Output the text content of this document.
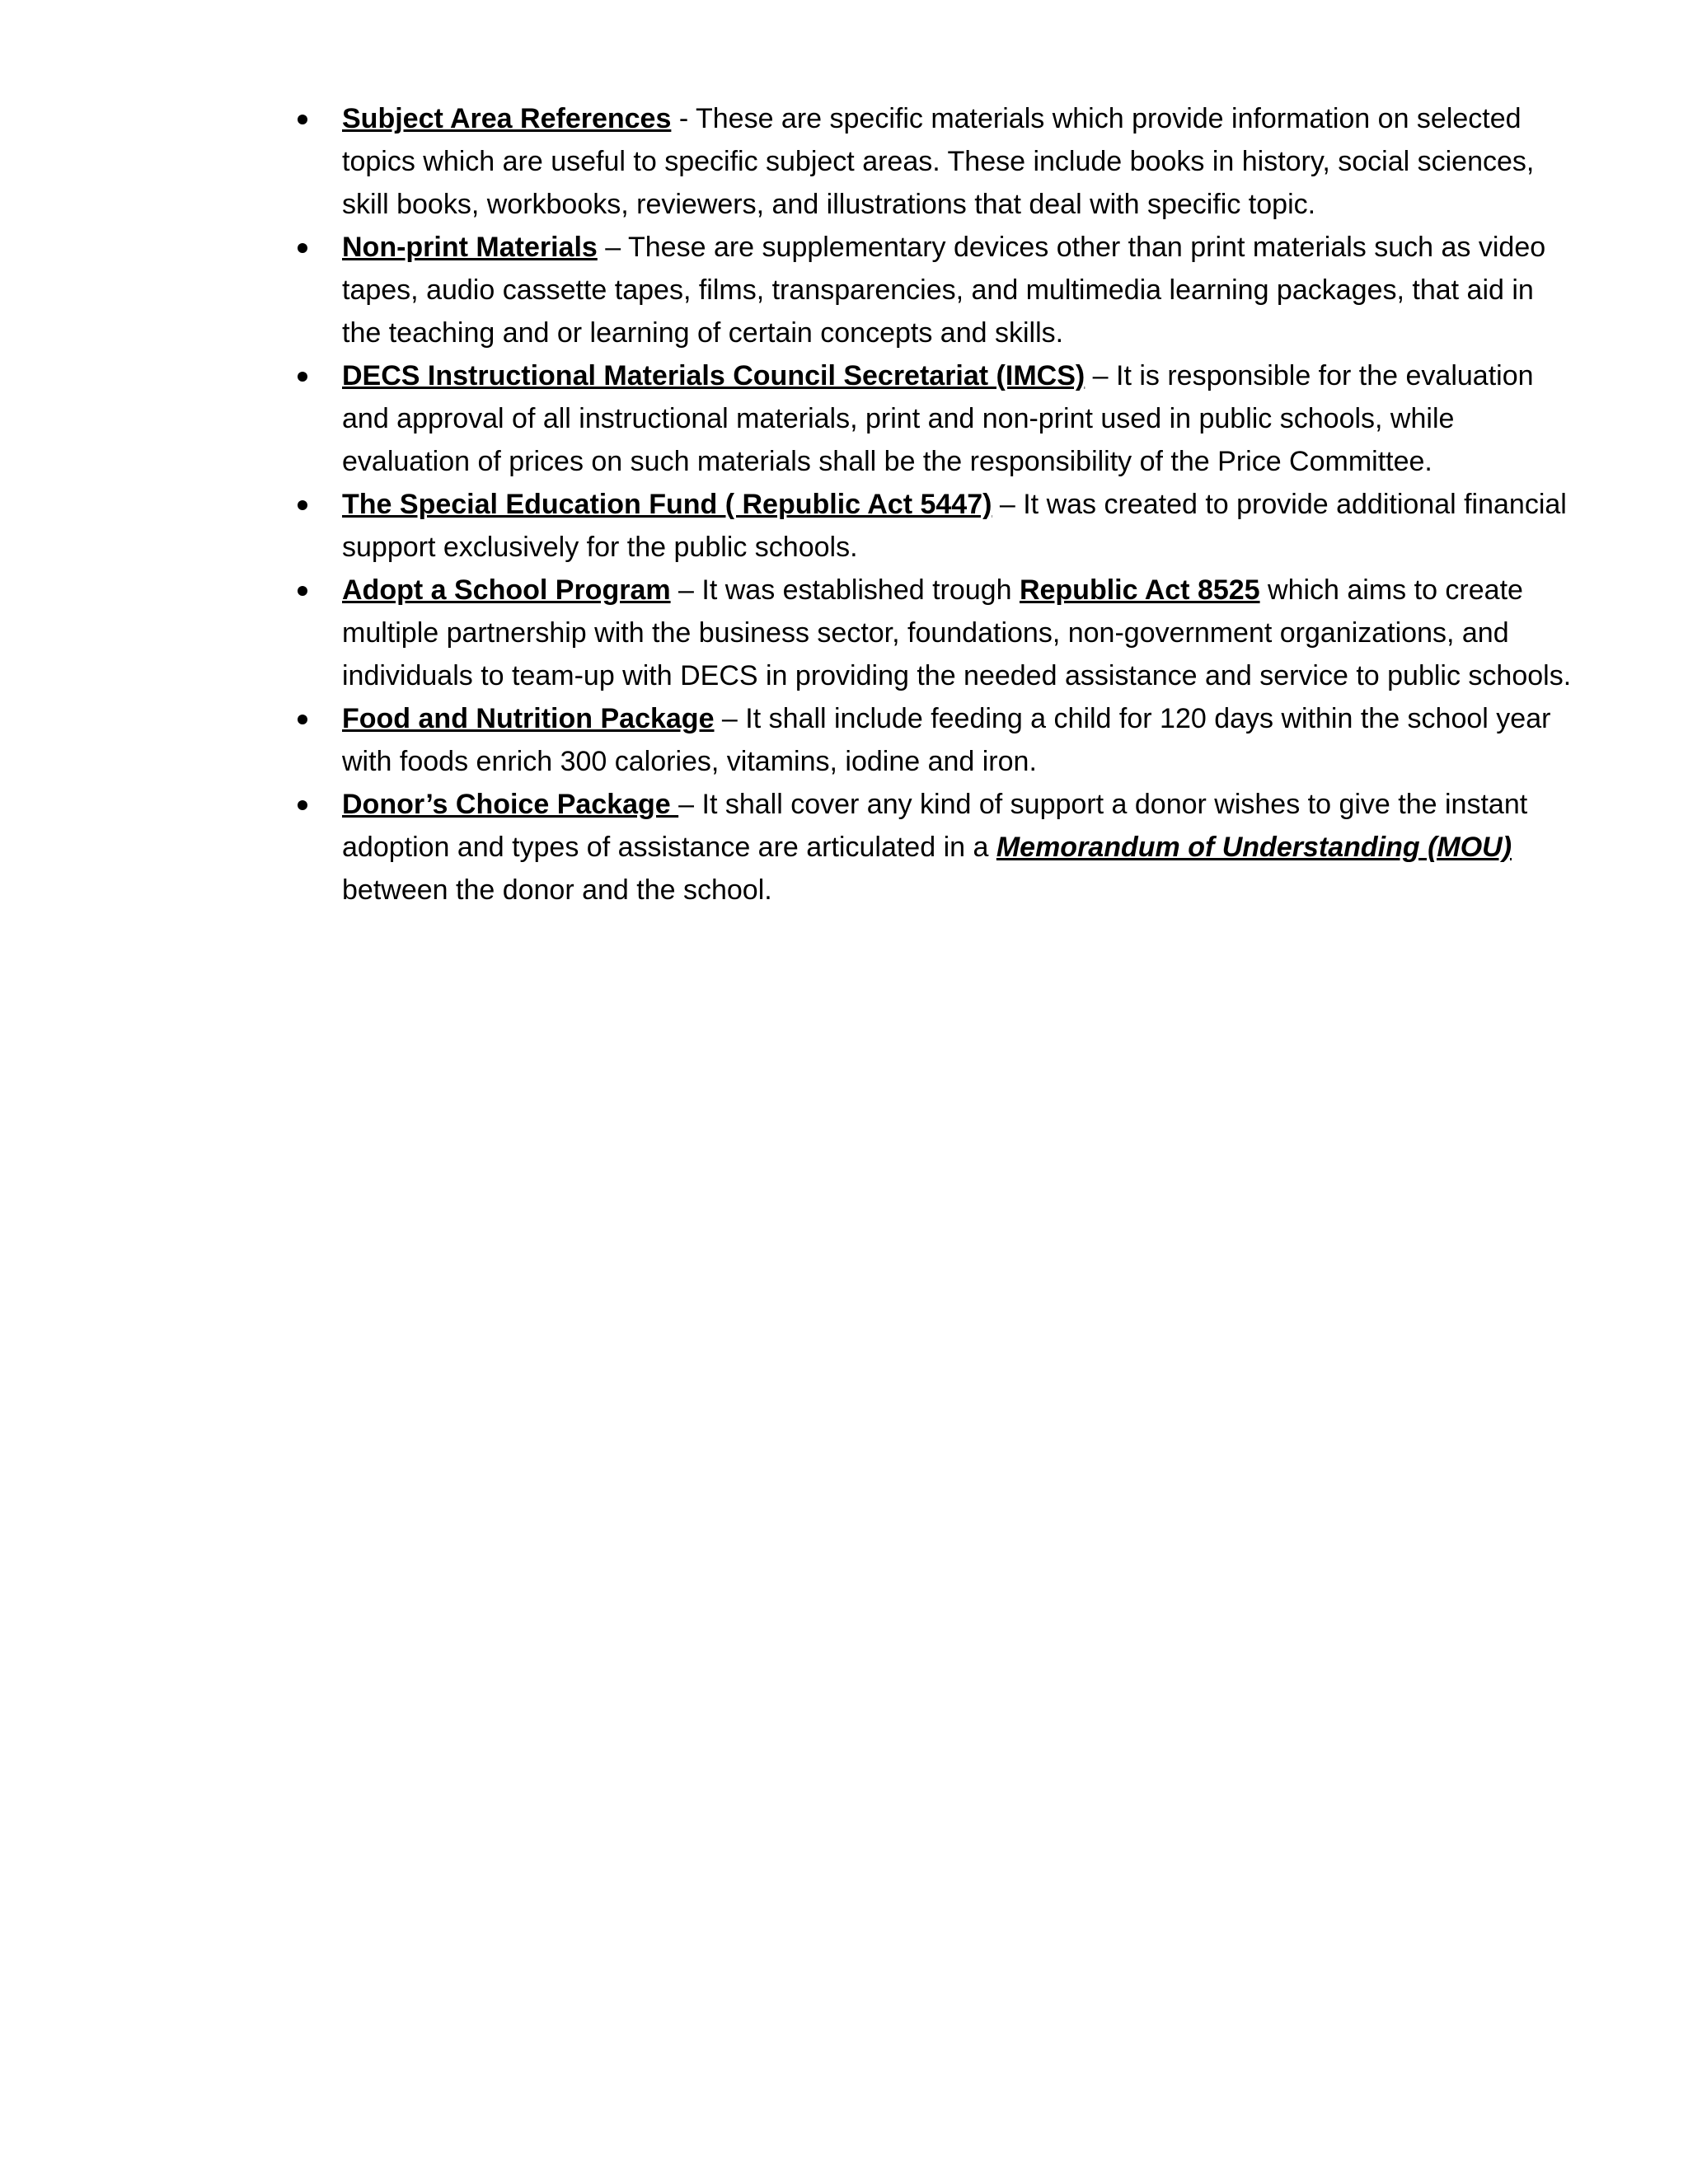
Subject Area References - These are specific materials which provide information on selected topics which are useful to specific subject areas. These include books in history, social sciences, skill books, workbooks, reviewers, and illustrations that deal with specific topic.
Non-print Materials – These are supplementary devices other than print materials such as video tapes, audio cassette tapes, films, transparencies, and multimedia learning packages, that aid in the teaching and or learning of certain concepts and skills.
DECS Instructional Materials Council Secretariat (IMCS) – It is responsible for the evaluation and approval of all instructional materials, print and non-print used in public schools, while evaluation of prices on such materials shall be the responsibility of the Price Committee.
The Special Education Fund ( Republic Act 5447) – It was created to provide additional financial support exclusively for the public schools.
Adopt a School Program – It was established trough Republic Act 8525 which aims to create multiple partnership with the business sector, foundations, non-government organizations, and individuals to team-up with DECS in providing the needed assistance and service to public schools.
Food and Nutrition Package – It shall include feeding a child for 120 days within the school year with foods enrich 300 calories, vitamins, iodine and iron.
Donor’s Choice Package – It shall cover any kind of support a donor wishes to give the instant adoption and types of assistance are articulated in a Memorandum of Understanding (MOU) between the donor and the school.
